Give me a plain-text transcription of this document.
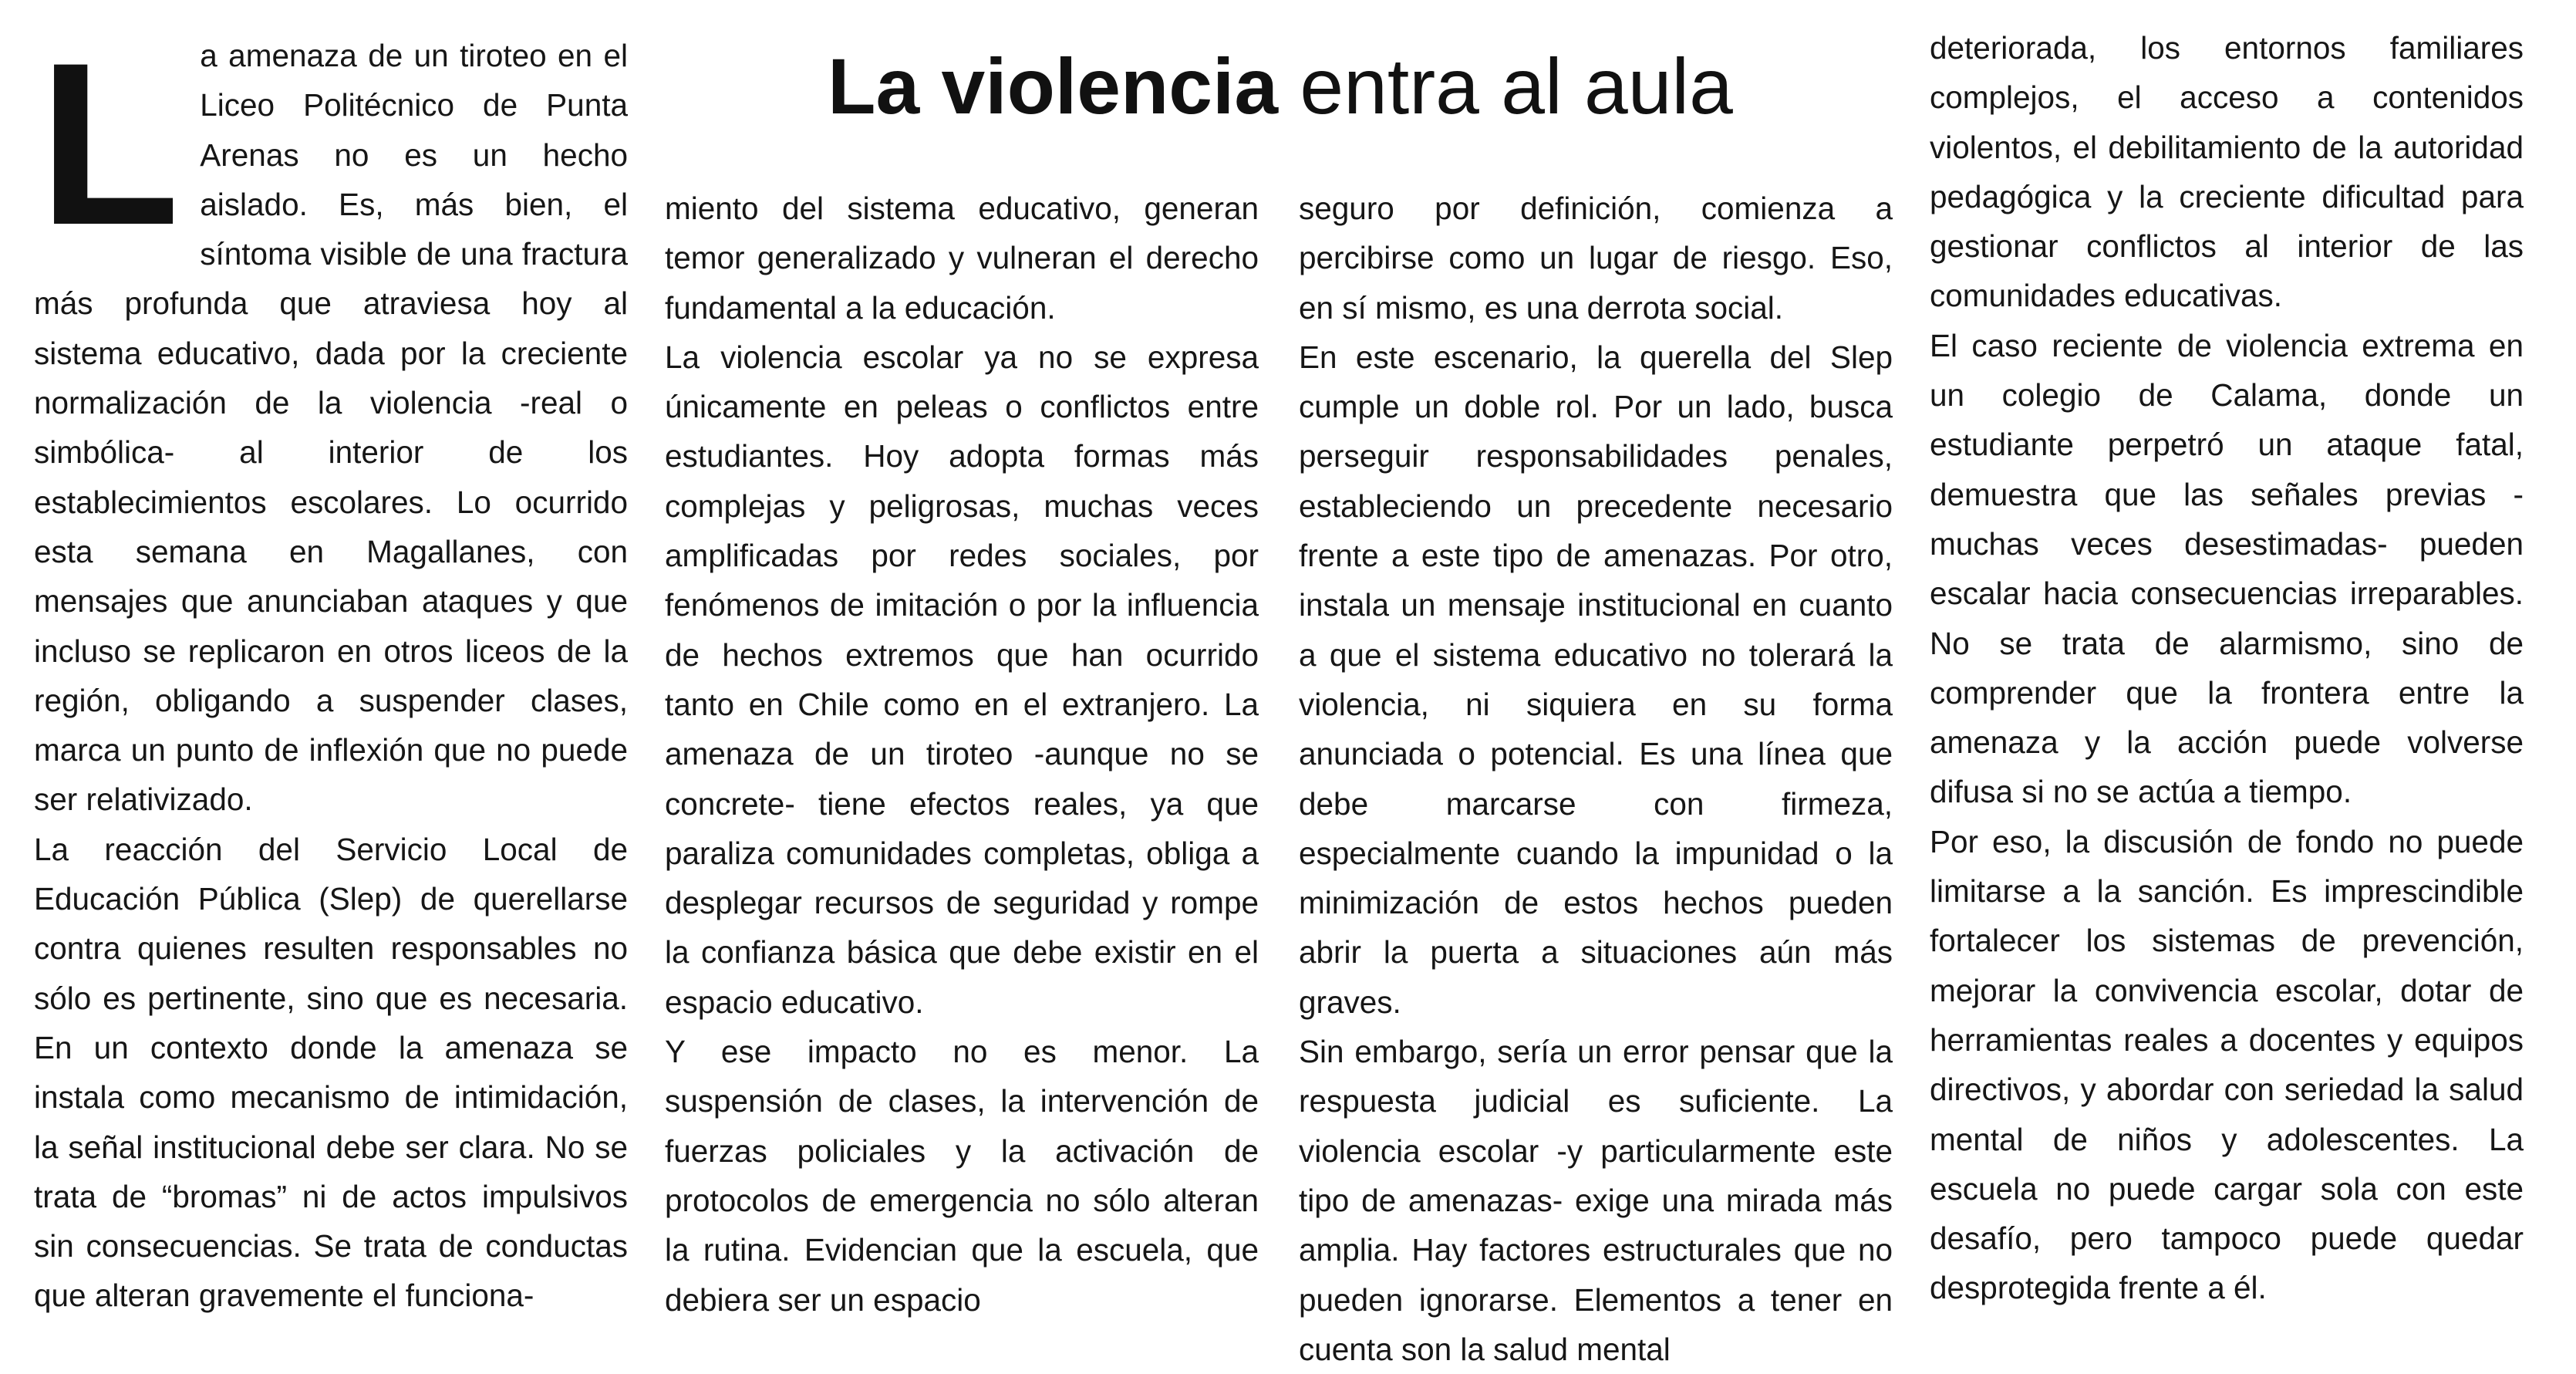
La violencia entra al aula
L a amenaza de un tiroteo en el Liceo Politécnico de Punta Arenas no es un hecho aislado. Es, más bien, el síntoma visible de una fractura más profunda que atraviesa hoy al sistema educativo, dada por la creciente normalización de la violencia -real o simbólica- al interior de los establecimientos escolares. Lo ocurrido esta semana en Magallanes, con mensajes que anunciaban ataques y que incluso se replicaron en otros liceos de la región, obligando a suspender clases, marca un punto de inflexión que no puede ser relativizado.

La reacción del Servicio Local de Educación Pública (Slep) de querellarse contra quienes resulten responsables no sólo es pertinente, sino que es necesaria. En un contexto donde la amenaza se instala como mecanismo de intimidación, la señal institucional debe ser clara. No se trata de “bromas” ni de actos impulsivos sin consecuencias. Se trata de conductas que alteran gravemente el funciona-

miento del sistema educativo, generan temor generalizado y vulneran el derecho fundamental a la educación.

La violencia escolar ya no se expresa únicamente en peleas o conflictos entre estudiantes. Hoy adopta formas más complejas y peligrosas, muchas veces amplificadas por redes sociales, por fenómenos de imitación o por la influencia de hechos extremos que han ocurrido tanto en Chile como en el extranjero. La amenaza de un tiroteo -aunque no se concrete- tiene efectos reales, ya que paraliza comunidades completas, obliga a desplegar recursos de seguridad y rompe la confianza básica que debe existir en el espacio educativo.

Y ese impacto no es menor. La suspensión de clases, la intervención de fuerzas policiales y la activación de protocolos de emergencia no sólo alteran la rutina. Evidencian que la escuela, que debiera ser un espacio

seguro por definición, comienza a percibirse como un lugar de riesgo. Eso, en sí mismo, es una derrota social.

En este escenario, la querella del Slep cumple un doble rol. Por un lado, busca perseguir responsabilidades penales, estableciendo un precedente necesario frente a este tipo de amenazas. Por otro, instala un mensaje institucional en cuanto a que el sistema educativo no tolerará la violencia, ni siquiera en su forma anunciada o potencial. Es una línea que debe marcarse con firmeza, especialmente cuando la impunidad o la minimización de estos hechos pueden abrir la puerta a situaciones aún más graves.

Sin embargo, sería un error pensar que la respuesta judicial es suficiente. La violencia escolar -y particularmente este tipo de amenazas- exige una mirada más amplia. Hay factores estructurales que no pueden ignorarse. Elementos a tener en cuenta son la salud mental

deteriorada, los entornos familiares complejos, el acceso a contenidos violentos, el debilitamiento de la autoridad pedagógica y la creciente dificultad para gestionar conflictos al interior de las comunidades educativas.

El caso reciente de violencia extrema en un colegio de Calama, donde un estudiante perpetró un ataque fatal, demuestra que las señales previas -muchas veces desestimadas- pueden escalar hacia consecuencias irreparables. No se trata de alarmismo, sino de comprender que la frontera entre la amenaza y la acción puede volverse difusa si no se actúa a tiempo.

Por eso, la discusión de fondo no puede limitarse a la sanción. Es imprescindible fortalecer los sistemas de prevención, mejorar la convivencia escolar, dotar de herramientas reales a docentes y equipos directivos, y abordar con seriedad la salud mental de niños y adolescentes. La escuela no puede cargar sola con este desafío, pero tampoco puede quedar desprotegida frente a él.
